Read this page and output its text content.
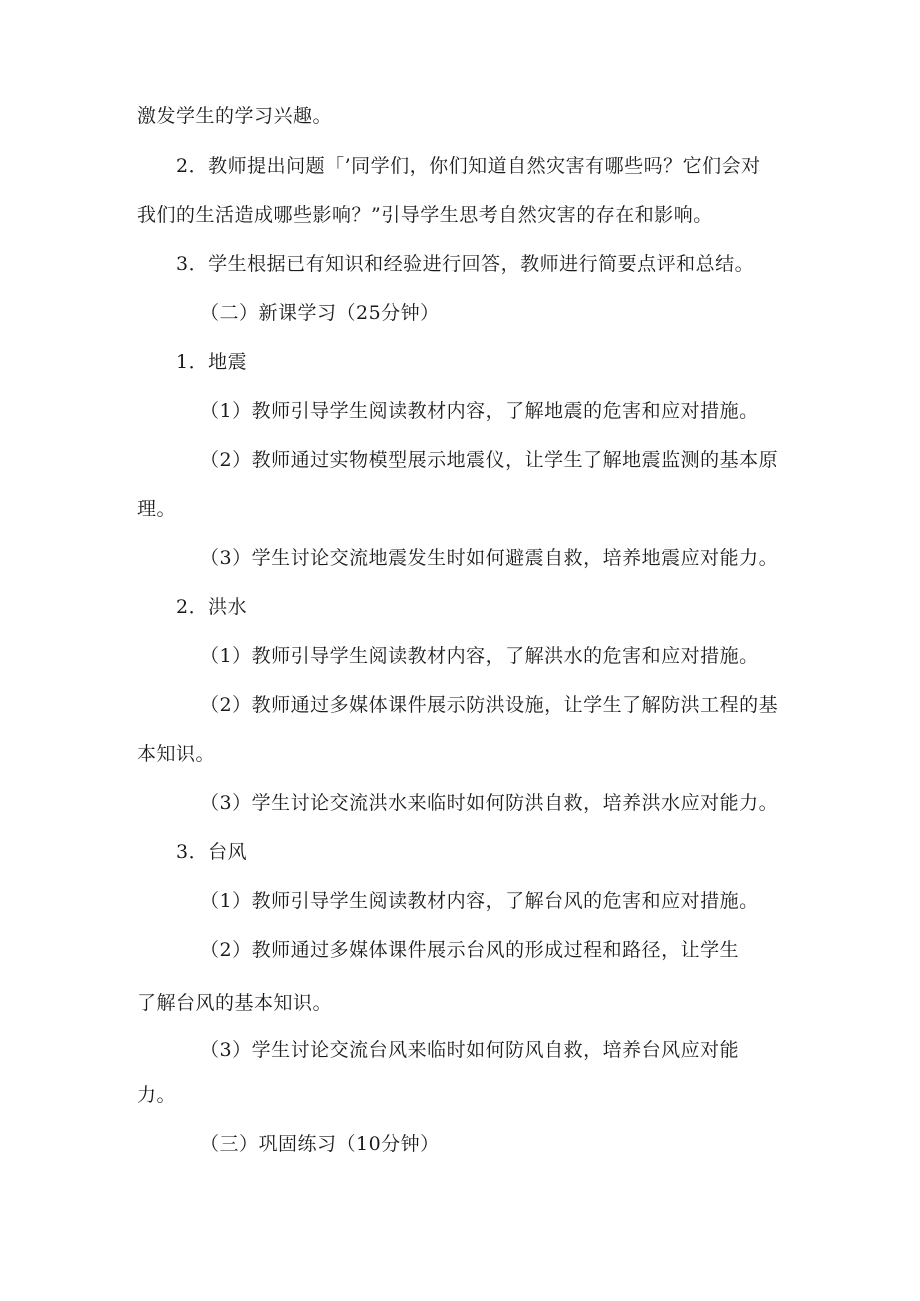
激发学生的学习兴趣。
2．教师提出问题「’同学们，你们知道自然灾害有哪些吗？它们会对
我们的生活造成哪些影响？”引导学生思考自然灾害的存在和影响。
3．学生根据已有知识和经验进行回答，教师进行简要点评和总结。
（二）新课学习（25分钟）
1．地震
（1）教师引导学生阅读教材内容，了解地震的危害和应对措施。
（2）教师通过实物模型展示地震仪，让学生了解地震监测的基本原
理。
（3）学生讨论交流地震发生时如何避震自救，培养地震应对能力。
2．洪水
（1）教师引导学生阅读教材内容，了解洪水的危害和应对措施。
（2）教师通过多媒体课件展示防洪设施，让学生了解防洪工程的基
本知识。
（3）学生讨论交流洪水来临时如何防洪自救，培养洪水应对能力。
3．台风
（1）教师引导学生阅读教材内容，了解台风的危害和应对措施。
（2）教师通过多媒体课件展示台风的形成过程和路径，让学生
了解台风的基本知识。
（3）学生讨论交流台风来临时如何防风自救，培养台风应对能
力。
（三）巩固练习（10分钟）
